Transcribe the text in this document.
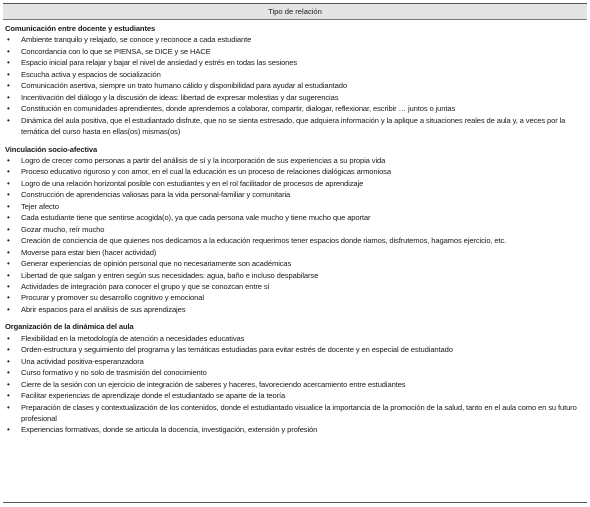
Tipo de relación
Comunicación entre docente y estudiantes
• Ambiente tranquilo y relajado, se conoce y reconoce a cada estudiante
• Concordancia con lo que se PIENSA, se DICE y se HACE
• Espacio inicial para relajar y bajar el nivel de ansiedad y estrés en todas las sesiones
• Escucha activa y espacios de socialización
• Comunicación asertiva, siempre un trato humano cálido y disponibilidad para ayudar al estudiantado
• Incentivación del diálogo y la discusión de ideas: libertad de expresar molestias y dar sugerencias
• Constitución en comunidades aprendientes, donde aprendemos a colaborar, compartir, dialogar, reflexionar, escribir … juntos o juntas
• Dinámica del aula positiva, que el estudiantado disfrute, que no se sienta estresado, que adquiera información y la aplique a situaciones reales de aula y, a veces por la temática del curso hasta en ellas(os) mismas(os)
Vinculación socio-afectiva
• Logro de crecer como personas a partir del análisis de sí y la incorporación de sus experiencias a su propia vida
• Proceso educativo riguroso y con amor, en el cual la educación es un proceso de relaciones dialógicas armoniosa
• Logro de una relación horizontal posible con estudiantes y en el rol facilitador de procesos de aprendizaje
• Construcción de aprendencias valiosas para la vida personal-familiar y comunitaria
• Tejer afecto
• Cada estudiante tiene que sentirse acogida(o), ya que cada persona vale mucho y tiene mucho que aportar
• Gozar mucho, reír mucho
• Creación de conciencia de que quienes nos dedicamos a la educación requerimos tener espacios donde riamos, disfrutemos, hagamos ejercicio, etc.
• Moverse para estar bien (hacer actividad)
• Generar experiencias de opinión personal que no necesariamente son académicas
• Libertad de que salgan y entren según sus necesidades: agua, baño e incluso despabilarse
• Actividades de integración para conocer el grupo y que se conozcan entre sí
• Procurar y promover su desarrollo cognitivo y emocional
• Abrir espacios para el análisis de sus aprendizajes
Organización de la dinámica del aula
• Flexibilidad en la metodología de atención a necesidades educativas
• Orden-estructura y seguimiento del programa y las temáticas estudiadas para evitar estrés de docente y en especial de estudiantado
• Una actividad positiva-esperanzadora
• Curso formativo y no solo de trasmisión del conocimiento
• Cierre de la sesión con un ejercicio de integración de saberes y haceres, favoreciendo acercamiento entre estudiantes
• Facilitar experiencias de aprendizaje donde el estudiantado se aparte de la teoría
• Preparación de clases y contextualización de los contenidos, donde el estudiantado visualice la importancia de la promoción de la salud, tanto en el aula como en su futuro profesional
• Experiencias formativas, donde se articula la docencia, investigación, extensión y profesión
